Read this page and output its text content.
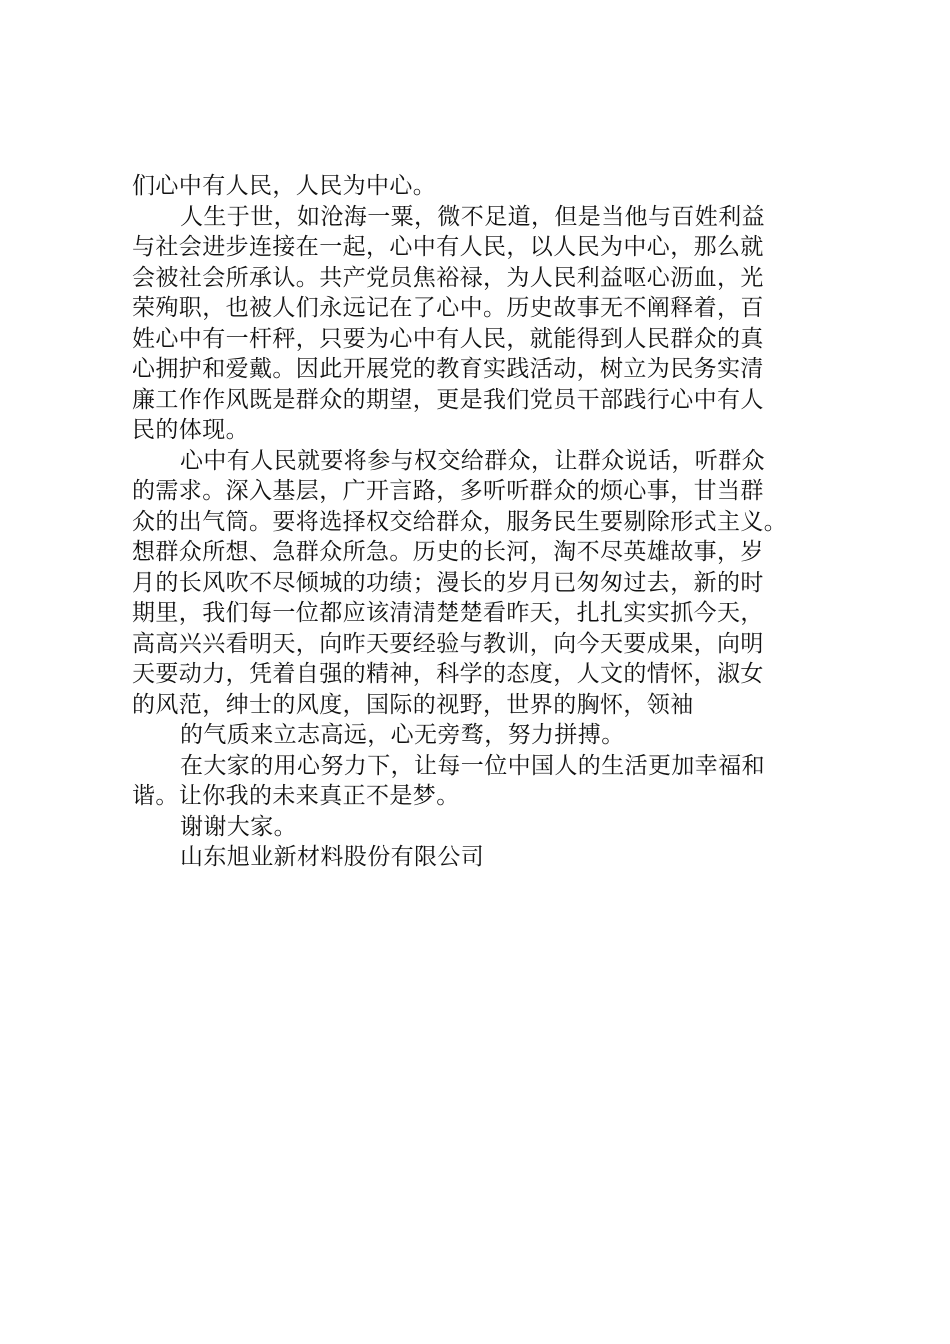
们心中有人民，人民为中心。
人生于世，如沧海一粟，微不足道，但是当他与百姓利益
与社会进步连接在一起，心中有人民，以人民为中心，那么就
会被社会所承认。共产党员焦裕禄，为人民利益呕心沥血，光
荣殉职，也被人们永远记在了心中。历史故事无不阐释着，百
姓心中有一杆秤，只要为心中有人民，就能得到人民群众的真
心拥护和爱戴。因此开展党的教育实践活动，树立为民务实清
廉工作作风既是群众的期望，更是我们党员干部践行心中有人
民的体现。
心中有人民就要将参与权交给群众，让群众说话，听群众
的需求。深入基层，广开言路，多听听群众的烦心事，甘当群
众的出气筒。要将选择权交给群众，服务民生要剔除形式主义。
想群众所想、急群众所急。历史的长河，淘不尽英雄故事，岁
月的长风吹不尽倾城的功绩；漫长的岁月已匆匆过去，新的时
期里，我们每一位都应该清清楚楚看昨天，扎扎实实抓今天，
高高兴兴看明天，向昨天要经验与教训，向今天要成果，向明
天要动力，凭着自强的精神，科学的态度，人文的情怀，淑女
的风范，绅士的风度，国际的视野，世界的胸怀，领袖
的气质来立志高远，心无旁骛，努力拼搏。
在大家的用心努力下，让每一位中国人的生活更加幸福和
谐。让你我的未来真正不是梦。
谢谢大家。
山东旭业新材料股份有限公司
